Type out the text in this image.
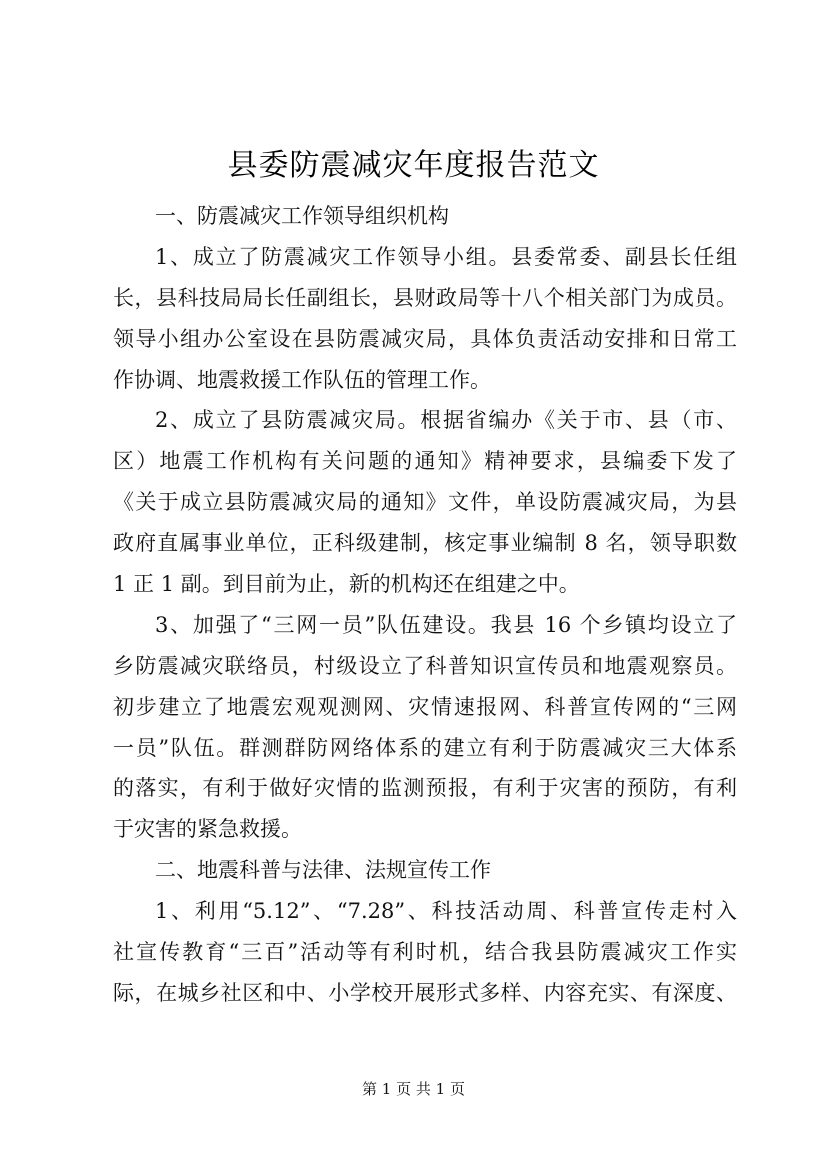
县委防震减灾年度报告范文
一、防震减灾工作领导组织机构
1、成立了防震减灾工作领导小组。县委常委、副县长任组
长，县科技局局长任副组长，县财政局等十八个相关部门为成员。
领导小组办公室设在县防震减灾局，具体负责活动安排和日常工
作协调、地震救援工作队伍的管理工作。
2、成立了县防震减灾局。根据省编办《关于市、县（市、
区）地震工作机构有关问题的通知》精神要求，县编委下发了
《关于成立县防震减灾局的通知》文件，单设防震减灾局，为县
政府直属事业单位，正科级建制，核定事业编制 8 名，领导职数
1 正 1 副。到目前为止，新的机构还在组建之中。
3、加强了“三网一员”队伍建设。我县 16 个乡镇均设立了
乡防震减灾联络员，村级设立了科普知识宣传员和地震观察员。
初步建立了地震宏观观测网、灾情速报网、科普宣传网的“三网
一员”队伍。群测群防网络体系的建立有利于防震减灾三大体系
的落实，有利于做好灾情的监测预报，有利于灾害的预防，有利
于灾害的紧急救援。
二、地震科普与法律、法规宣传工作
1、利用“5.12”、“7.28”、科技活动周、科普宣传走村入
社宣传教育“三百”活动等有利时机，结合我县防震减灾工作实
际，在城乡社区和中、小学校开展形式多样、内容充实、有深度、
第 1 页 共 1 页
